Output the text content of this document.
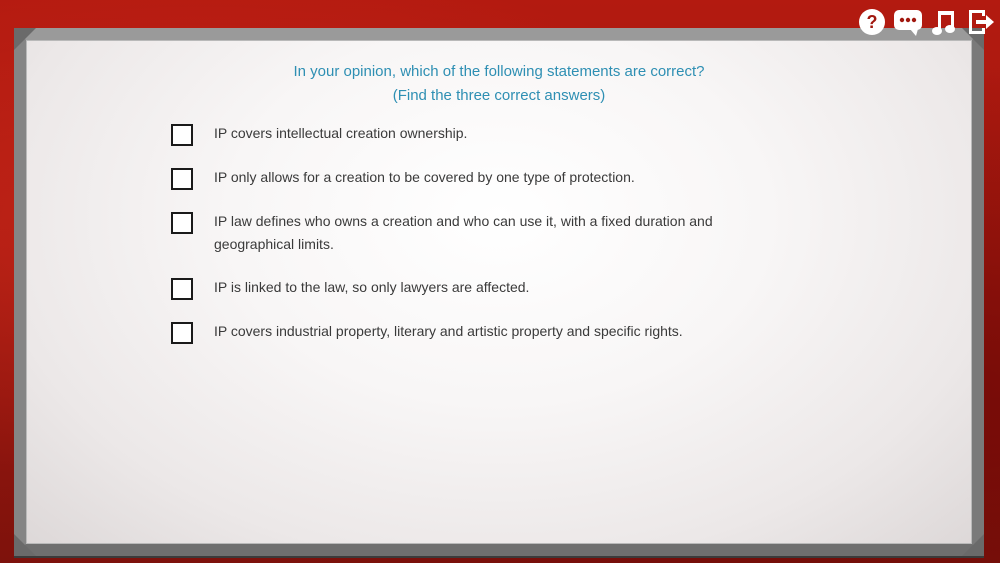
?
In your opinion, which of the following statements are correct?
(Find the three correct answers)
IP covers intellectual creation ownership.
IP only allows for a creation to be covered by one type of protection.
IP law defines who owns a creation and who can use it, with a fixed duration and geographical limits.
IP is linked to the law, so only lawyers are affected.
IP covers industrial property, literary and artistic property and specific rights.
